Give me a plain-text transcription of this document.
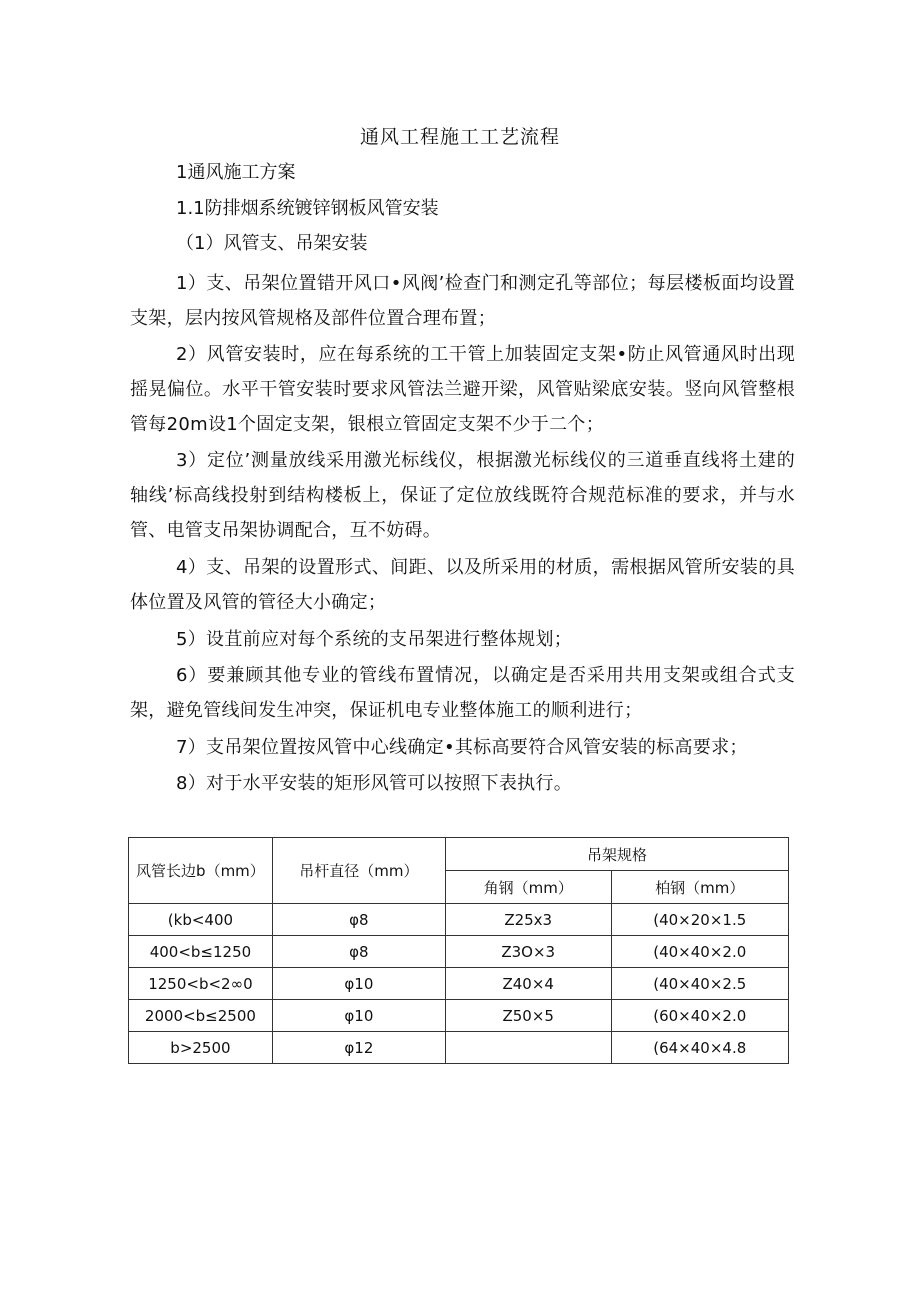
通风工程施工工艺流程
1通风施工方案
1.1防排烟系统镀锌钢板风管安装
（1）风管支、吊架安装
1）支、吊架位置错开风口•风阀’检查门和测定孔等部位；每层楼板面均设置支架，层内按风管规格及部件位置合理布置；
2）风管安装时，应在每系统的工干管上加装固定支架•防止风管通风时出现摇晃偏位。水平干管安装时要求风管法兰避开梁，风管贴梁底安装。竖向风管整根管每20m设1个固定支架，银根立管固定支架不少于二个；
3）定位’测量放线采用激光标线仪，根据激光标线仪的三道垂直线将土建的轴线’标高线投射到结构楼板上，保证了定位放线既符合规范标准的要求，并与水管、电管支吊架协调配合，互不妨碍。
4）支、吊架的设置形式、间距、以及所采用的材质，需根据风管所安装的具体位置及风管的管径大小确定；
5）设苴前应对每个系统的支吊架进行整体规划；
6）要兼顾其他专业的管线布置情况，以确定是否采用共用支架或组合式支架，避免管线间发生冲突，保证机电专业整体施工的顺利进行；
7）支吊架位置按风管中心线确定•其标高要符合风管安装的标高要求；
8）对于水平安装的矩形风管可以按照下表执行。
风管长边b（mm）	吊杆直径（mm）	吊架规格	
		角钢（mm）	柏钢（mm）
(kb<400	φ8	Z25x3	(40×20×1.5
400<b≤1250	φ8	Z3O×3	(40×40×2.0
1250<b<2∞0	φ10	Z40×4	(40×40×2.5
2000<b≤2500	φ10	Z50×5	(60×40×2.0
b>2500	φ12		(64×40×4.8
